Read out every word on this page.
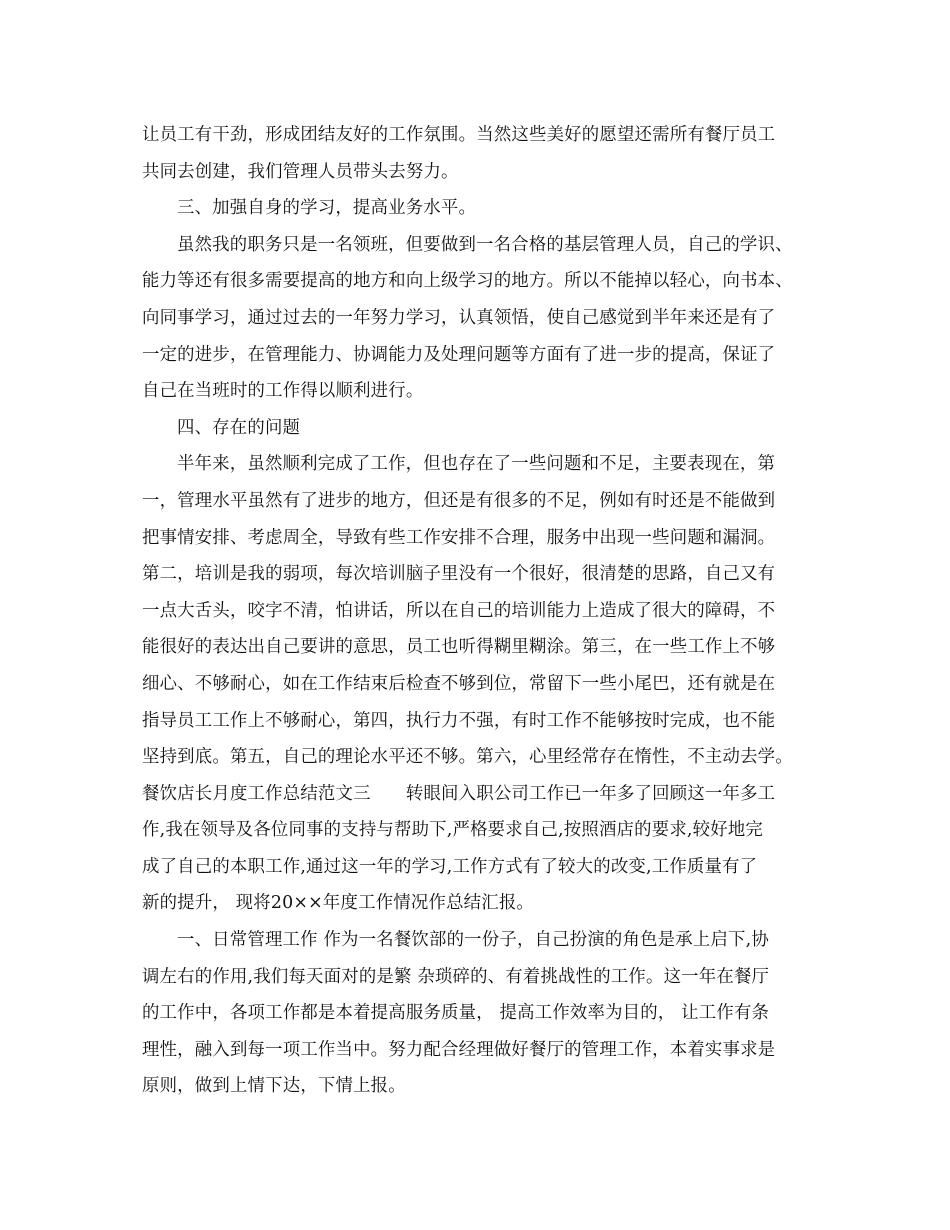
让员工有干劲，形成团结友好的工作氛围。当然这些美好的愿望还需所有餐厅员工
共同去创建，我们管理人员带头去努力。
三、加强自身的学习，提高业务水平。
虽然我的职务只是一名领班，但要做到一名合格的基层管理人员，自己的学识、
能力等还有很多需要提高的地方和向上级学习的地方。所以不能掉以轻心，向书本、
向同事学习，通过过去的一年努力学习，认真领悟，使自己感觉到半年来还是有了
一定的进步，在管理能力、协调能力及处理问题等方面有了进一步的提高，保证了
自己在当班时的工作得以顺利进行。
四、存在的问题
半年来，虽然顺利完成了工作，但也存在了一些问题和不足，主要表现在，第
一，管理水平虽然有了进步的地方，但还是有很多的不足，例如有时还是不能做到
把事情安排、考虑周全，导致有些工作安排不合理，服务中出现一些问题和漏洞。
第二，培训是我的弱项，每次培训脑子里没有一个很好，很清楚的思路，自己又有
一点大舌头，咬字不清，怕讲话，所以在自己的培训能力上造成了很大的障碍，不
能很好的表达出自己要讲的意思，员工也听得糊里糊涂。第三，在一些工作上不够
细心、不够耐心，如在工作结束后检查不够到位，常留下一些小尾巴，还有就是在
指导员工工作上不够耐心，第四，执行力不强，有时工作不能够按时完成，也不能
坚持到底。第五，自己的理论水平还不够。第六，心里经常存在惰性，不主动去学。
餐饮店长月度工作总结范文三　　转眼间入职公司工作已一年多了回顾这一年多工
作,我在领导及各位同事的支持与帮助下,严格要求自己,按照酒店的要求,较好地完
成了自己的本职工作,通过这一年的学习,工作方式有了较大的改变,工作质量有了
新的提升， 现将20××年度工作情况作总结汇报。
一、日常管理工作 作为一名餐饮部的一份子，自己扮演的角色是承上启下,协
调左右的作用,我们每天面对的是繁 杂琐碎的、有着挑战性的工作。这一年在餐厅
的工作中，各项工作都是本着提高服务质量， 提高工作效率为目的， 让工作有条
理性，融入到每一项工作当中。努力配合经理做好餐厅的管理工作，本着实事求是
原则，做到上情下达，下情上报。
